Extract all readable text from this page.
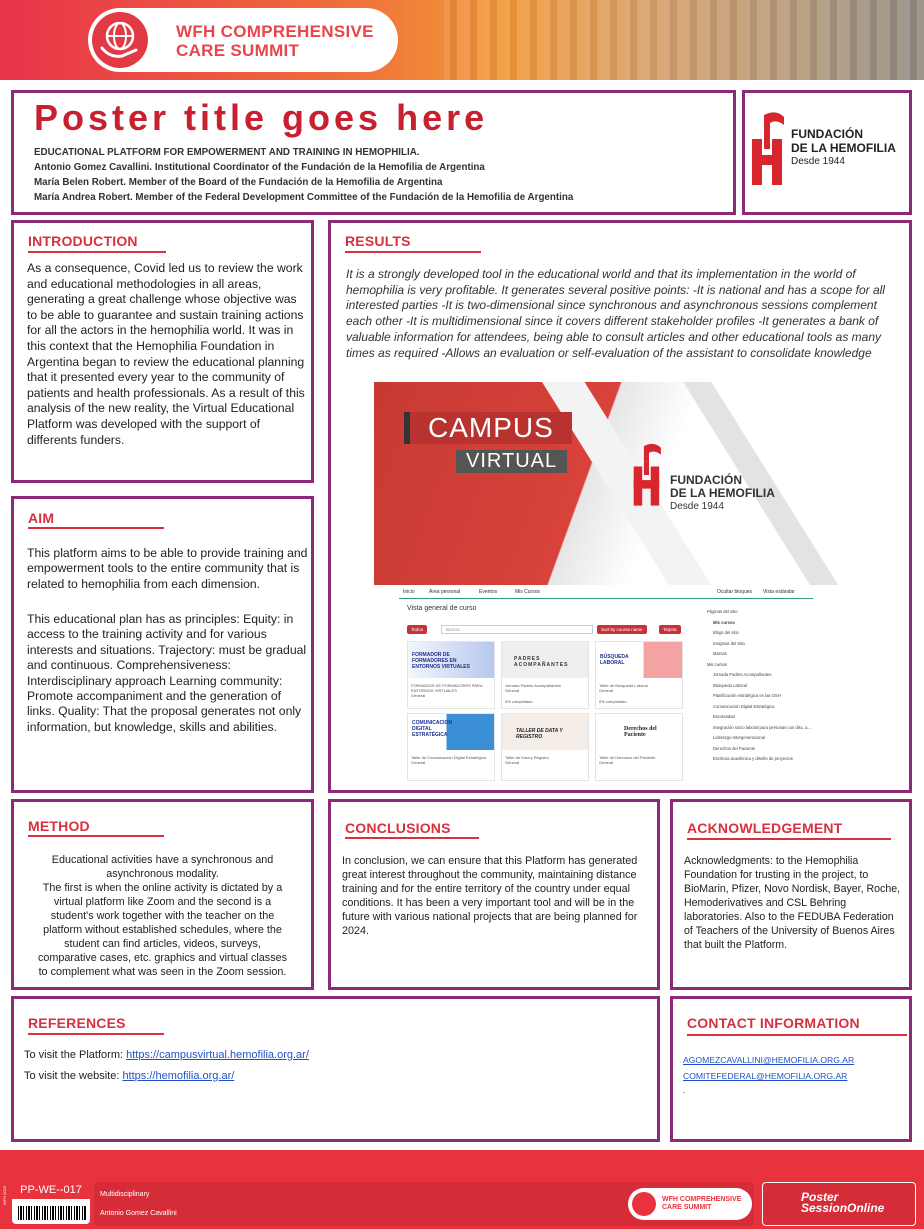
WFH COMPREHENSIVE
CARE SUMMIT
Poster title goes here
EDUCATIONAL PLATFORM FOR EMPOWERMENT AND TRAINING IN HEMOPHILIA.
Antonio Gomez Cavallini. Institutional Coordinator of the Fundación de la Hemofilia de Argentina
María Belen Robert. Member of the Board of the Fundación de la Hemofilia de Argentina
María Andrea Robert. Member of the Federal Development Committee of the Fundación de la Hemofilia de Argentina
FUNDACIÓN
DE LA HEMOFILIA
Desde 1944
INTRODUCTION
As a consequence, Covid led us to review the work and educational methodologies in all areas, generating a great challenge whose objective was to be able to guarantee and sustain training actions for all the actors in the hemophilia world. It was in this context that the Hemophilia Foundation in Argentina began to review the educational planning that it presented every year to the community of patients and health professionals. As a result of this analysis of the new reality, the Virtual Educational Platform was developed with the support of differents funders.
AIM
This platform aims to be able to provide training and empowerment tools to the entire community that is related to hemophilia from each dimension.
This educational plan has as principles: Equity: in access to the training activity and for various interests and situations. Trajectory: must be gradual and continuous. Comprehensiveness: Interdisciplinary approach Learning community: Promote accompaniment and the generation of links. Quality: That the proposal generates not only information, but knowledge, skills and abilities.
RESULTS
It is a strongly developed tool in the educational world and that its implementation in the world of hemophilia is very profitable. It generates several positive points: -It is national and has a scope for all interested parties -It is two-dimensional since synchronous and asynchronous sessions complement each other -It is multidimensional since it covers different stakeholder profiles -It generates a bank of valuable information for attendees, being able to consult articles and other educational tools as many times as required -Allows an evaluation or self-evaluation of the assistant to consolidate knowledge
CAMPUS
VIRTUAL
FUNDACIÓN
DE LA HEMOFILIA
Desde 1944
Inicio	Área personal	Eventos	Mis Cursos	Ocultar bloques Vista estándar
Vista general de curso
Todos	Buscar	Sort by course name	Tarjeta
FORMADOR DE FORMADORES EN ENTORNOS VIRTUALES
FORMADOR DE FORMADORES PARA ENTORNOS VIRTUALES
General
PADRES ACOMPAÑANTES
Jornada Padres Acompañantes
General
0% completado
BÚSQUEDA LABORAL
Taller de Búsqueda Laboral
General
0% completado
COMUNICACION DIGITAL ESTRATÉGICA
Taller de Comunicación Digital Estratégica
General
TALLER DE DATA Y REGISTRO
Taller de Data y Registro
General
Derechos del Paciente
Taller de Derechos del Paciente
General
Páginas del sitio
Mis cursos
Blogs del sitio
Insignias del sitio
Marcas
Mis cursos
Jornada Padres Acompañantes
Búsqueda Laboral
Planificación estratégica en las OSH
Comunicación Digital Estratégica
Escolaridad
Integración socio laboral para personas con disc. a...
Liderazgo Intergeneracional
Derechos del Paciente
Escritura académica y diseño de proyectos
METHOD
Educational activities have a synchronous and
asynchronous modality.
The first is when the online activity is dictated by a
virtual platform like Zoom and the second is a
student's work together with the teacher on the
platform without established schedules, where the
student can find articles, videos, surveys,
comparative cases, etc. graphics and virtual classes
to complement what was seen in the Zoom session.
CONCLUSIONS
In conclusion, we can ensure that this Platform has generated great interest throughout the community, maintaining distance training and for the entire territory of the country under equal conditions. It has been a very important tool and will be in the future with various national projects that are being planned for 2024.
ACKNOWLEDGEMENT
Acknowledgments: to the Hemophilia Foundation for trusting in the project, to BioMarin, Pfizer, Novo Nordisk, Bayer, Roche, Hemoderivatives and CSL Behring laboratories. Also to the FEDUBA Federation of Teachers of the University of Buenos Aires that built the Platform.
REFERENCES
To visit the Platform: https://campusvirtual.hemofilia.org.ar/
To visit the website: https://hemofilia.org.ar/
CONTACT INFORMATION
AGOMEZCAVALLINI@HEMOFILIA.ORG.AR
COMITEFEDERAL@HEMOFILIA.ORG.AR
.
WFH 2023	PP-WE--017	Multidisciplinary
Antonio Gomez Cavallini
WFH COMPREHENSIVE
CARE SUMMIT
Poster
SessionOnline
